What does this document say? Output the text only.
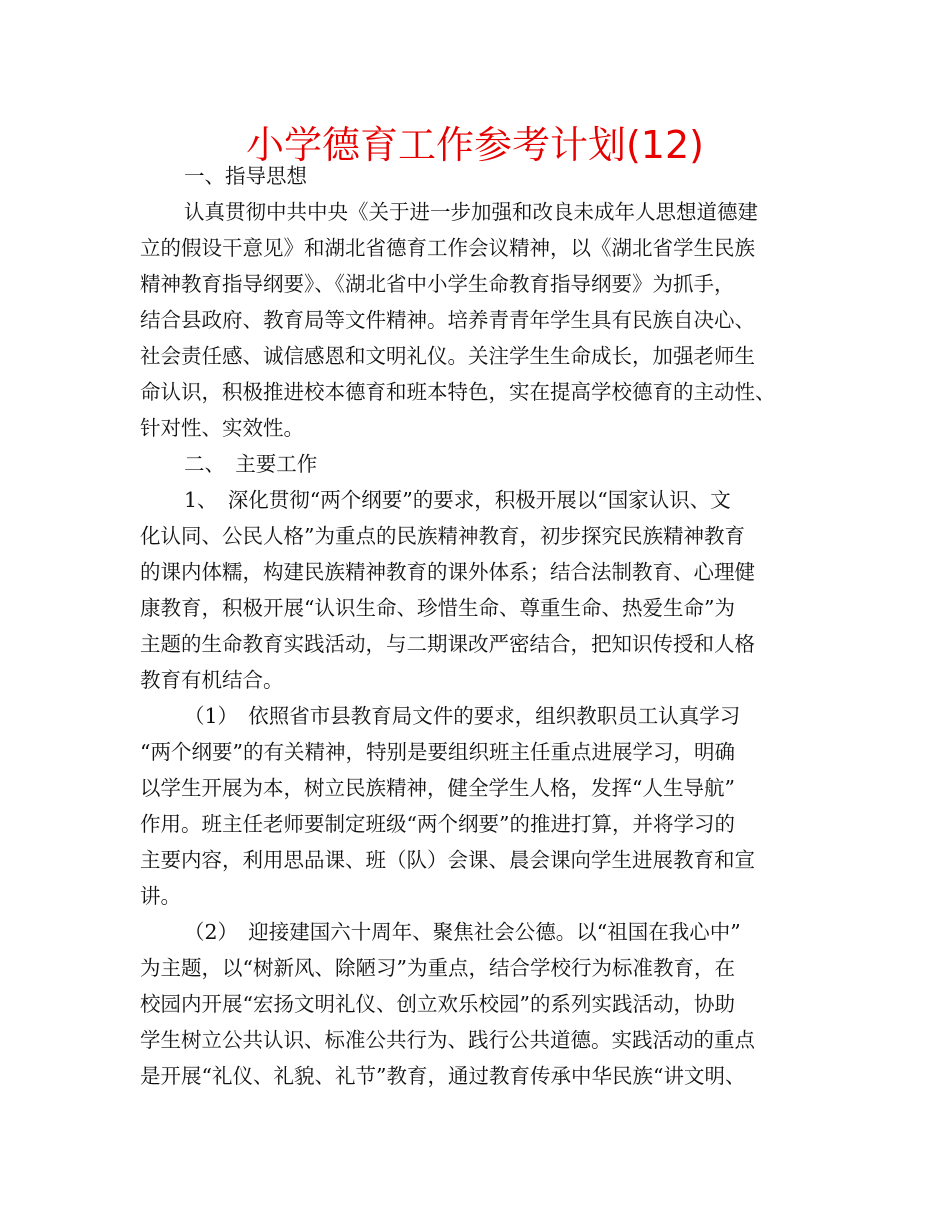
小学德育工作参考计划(12)
一、指导思想
认真贯彻中共中央《关于进一步加强和改良未成年人思想道德建
立的假设干意见》和湖北省德育工作会议精神，以《湖北省学生民族
精神教育指导纲要》、《湖北省中小学生命教育指导纲要》为抓手，
结合县政府、教育局等文件精神。培养青青年学生具有民族自决心、
社会责任感、诚信感恩和文明礼仪。关注学生生命成长，加强老师生
命认识，积极推进校本德育和班本特色，实在提高学校德育的主动性、
针对性、实效性。
二、　主要工作
1、　深化贯彻“两个纲要”的要求，积极开展以“国家认识、文
化认同、公民人格”为重点的民族精神教育，初步探究民族精神教育
的课内体糯，构建民族精神教育的课外体系；结合法制教育、心理健
康教育，积极开展“认识生命、珍惜生命、尊重生命、热爱生命”为
主题的生命教育实践活动，与二期课改严密结合，把知识传授和人格
教育有机结合。
（1）　依照省市县教育局文件的要求，组织教职员工认真学习
“两个纲要”的有关精神，特别是要组织班主任重点进展学习，明确
以学生开展为本，树立民族精神，健全学生人格，发挥“人生导航”
作用。班主任老师要制定班级“两个纲要”的推进打算，并将学习的
主要内容，利用思品课、班（队）会课、晨会课向学生进展教育和宣
讲。
（2）　迎接建国六十周年、聚焦社会公德。以“祖国在我心中”
为主题，以“树新风、除陋习”为重点，结合学校行为标准教育，在
校园内开展“宏扬文明礼仪、创立欢乐校园”的系列实践活动，协助
学生树立公共认识、标准公共行为、践行公共道德。实践活动的重点
是开展“礼仪、礼貌、礼节”教育，通过教育传承中华民族“讲文明、
